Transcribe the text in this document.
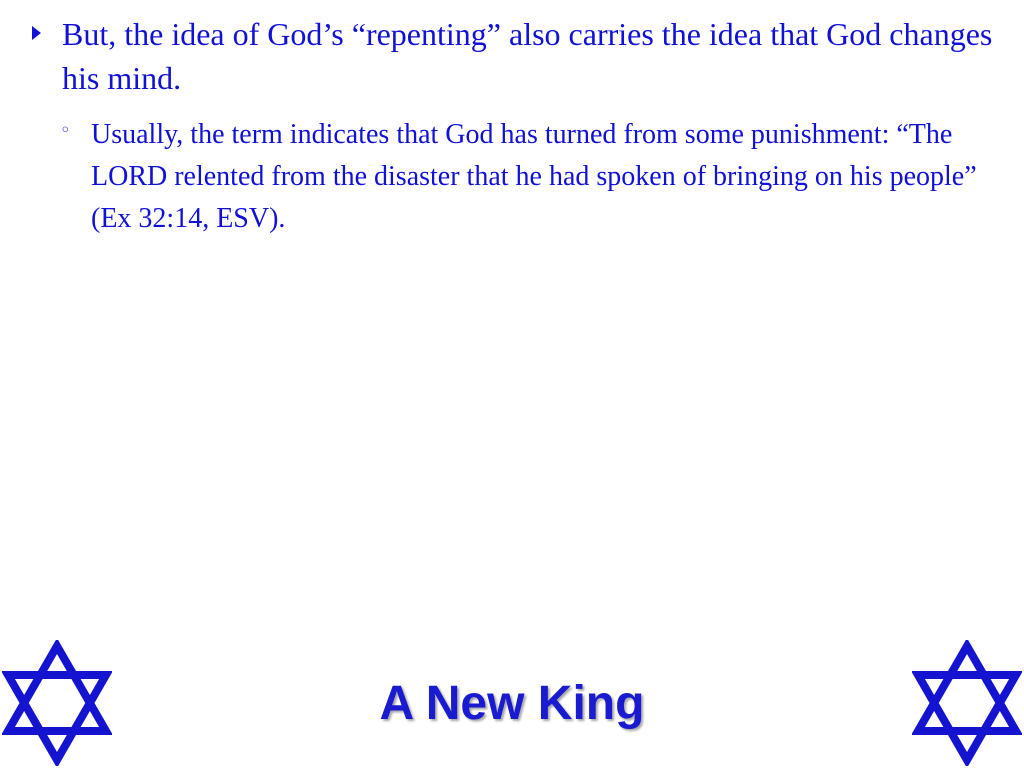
But, the idea of God’s “repenting” also carries the idea that God changes his mind.
◦ Usually, the term indicates that God has turned from some punishment: “The LORD relented from the disaster that he had spoken of bringing on his people” (Ex 32:14, ESV).
A New King
